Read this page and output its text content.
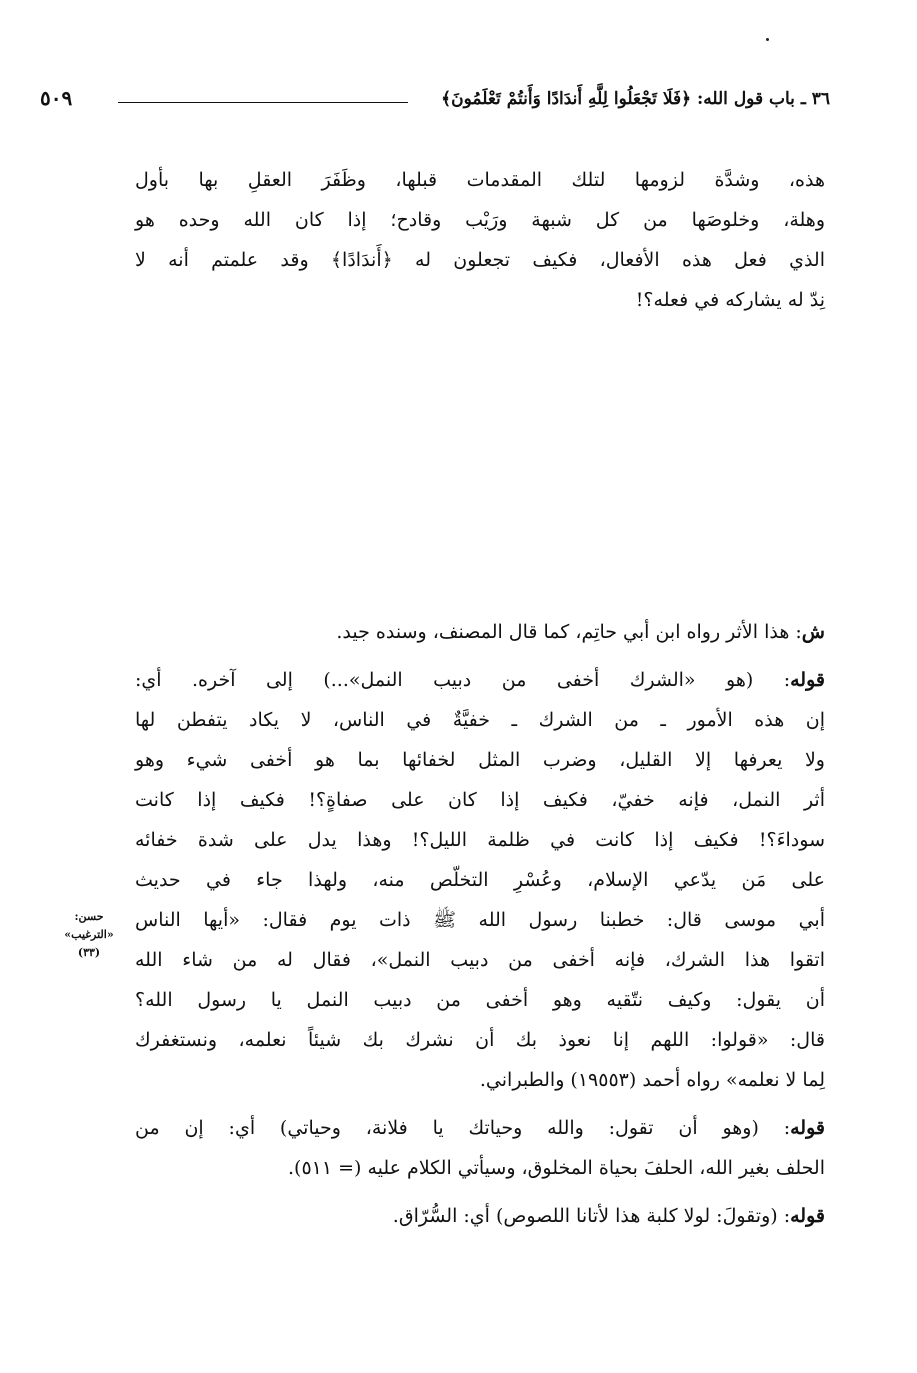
٣٦ ـ باب قول الله: ﴿فَلَا تَجْعَلُوا لِلَّهِ أَندَادًا وَأَنتُمْ تَعْلَمُونَ﴾
٥٠٩
هذه، وشدَّة لزومها لتلك المقدمات قبلها، وظَفَرَ العقلِ بها بأول
وهلة، وخلوصَها من كل شبهة ورَيْب وقادح؛ إذا كان الله وحده هو
الذي فعل هذه الأفعال، فكيف تجعلون له ﴿أَندَادًا﴾ وقد علمتم أنه لا
نِدّ له يشاركه في فعله؟!
ش: هذا الأثر رواه ابن أبي حاتِم، كما قال المصنف، وسنده جيد.
قوله: (هو «الشرك أخفى من دبيب النمل»...) إلى آخره. أي:
إن هذه الأمور ـ من الشرك ـ خفيَّةٌ في الناس، لا يكاد يتفطن لها
ولا يعرفها إلا القليل، وضرب المثل لخفائها بما هو أخفى شيء وهو
أثر النمل، فإنه خفيّ، فكيف إذا كان على صفاةٍ؟! فكيف إذا كانت
سوداءَ؟! فكيف إذا كانت في ظلمة الليل؟! وهذا يدل على شدة خفائه
على مَن يدّعي الإسلام، وعُسْرِ التخلّص منه، ولهذا جاء في حديث
أبي موسى قال: خطبنا رسول الله ﷺ ذات يوم فقال: «أيها الناس
اتقوا هذا الشرك، فإنه أخفى من دبيب النمل»، فقال له من شاء الله
أن يقول: وكيف نتّقيه وهو أخفى من دبيب النمل يا رسول الله؟
قال: «قولوا: اللهم إنا نعوذ بك أن نشرك بك شيئاً نعلمه، ونستغفرك
لِما لا نعلمه» رواه أحمد (١٩٥٥٣) والطبراني.
قوله: (وهو أن تقول: والله وحياتك يا فلانة، وحياتي) أي: إن من
الحلف بغير الله، الحلفَ بحياة المخلوق، وسيأتي الكلام عليه (= ٥١١).
قوله: (وتقولَ: لولا كلبة هذا لأتانا اللصوص) أي: السُّرّاق.
حسن:
«الترغيب»
(٣٣)
